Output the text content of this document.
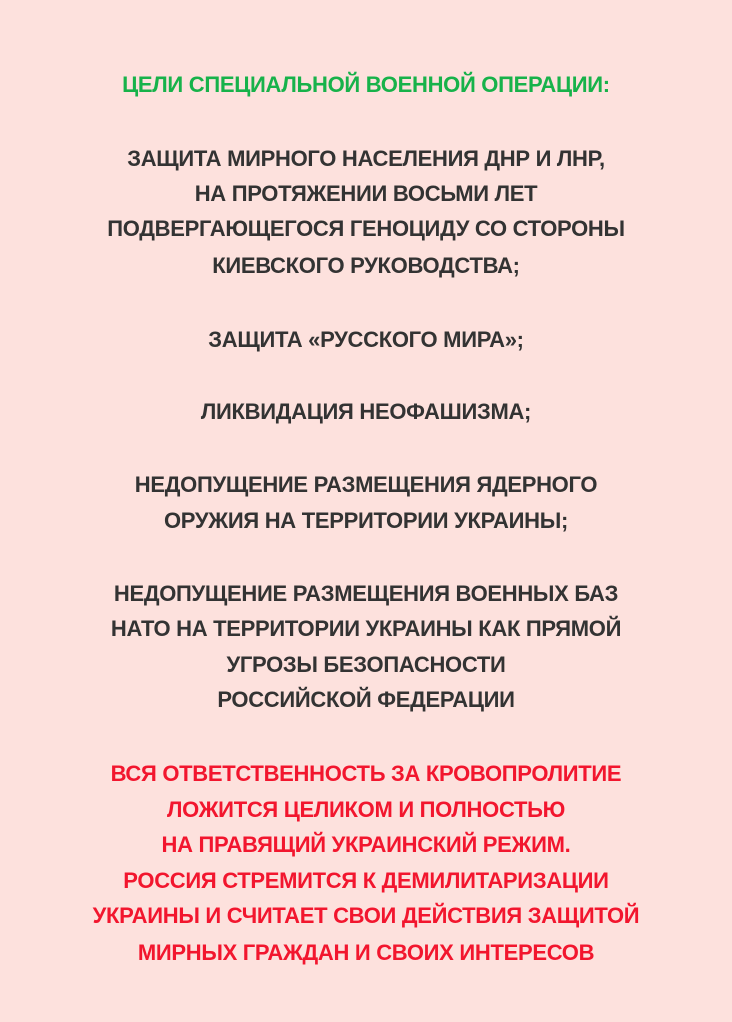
ЦЕЛИ СПЕЦИАЛЬНОЙ ВОЕННОЙ ОПЕРАЦИИ:
ЗАЩИТА МИРНОГО НАСЕЛЕНИЯ ДНР И ЛНР,
НА ПРОТЯЖЕНИИ ВОСЬМИ ЛЕТ
ПОДВЕРГАЮЩЕГОСЯ ГЕНОЦИДУ СО СТОРОНЫ
КИЕВСКОГО РУКОВОДСТВА;
ЗАЩИТА «РУССКОГО МИРА»;
ЛИКВИДАЦИЯ НЕОФАШИЗМА;
НЕДОПУЩЕНИЕ РАЗМЕЩЕНИЯ ЯДЕРНОГО
ОРУЖИЯ НА ТЕРРИТОРИИ УКРАИНЫ;
НЕДОПУЩЕНИЕ РАЗМЕЩЕНИЯ ВОЕННЫХ БАЗ
НАТО НА ТЕРРИТОРИИ УКРАИНЫ КАК ПРЯМОЙ
УГРОЗЫ БЕЗОПАСНОСТИ
РОССИЙСКОЙ ФЕДЕРАЦИИ
ВСЯ ОТВЕТСТВЕННОСТЬ ЗА КРОВОПРОЛИТИЕ
ЛОЖИТСЯ ЦЕЛИКОМ И ПОЛНОСТЬЮ
НА ПРАВЯЩИЙ УКРАИНСКИЙ РЕЖИМ.
РОССИЯ СТРЕМИТСЯ К ДЕМИЛИТАРИЗАЦИИ
УКРАИНЫ И СЧИТАЕТ СВОИ ДЕЙСТВИЯ ЗАЩИТОЙ
МИРНЫХ ГРАЖДАН И СВОИХ ИНТЕРЕСОВ
